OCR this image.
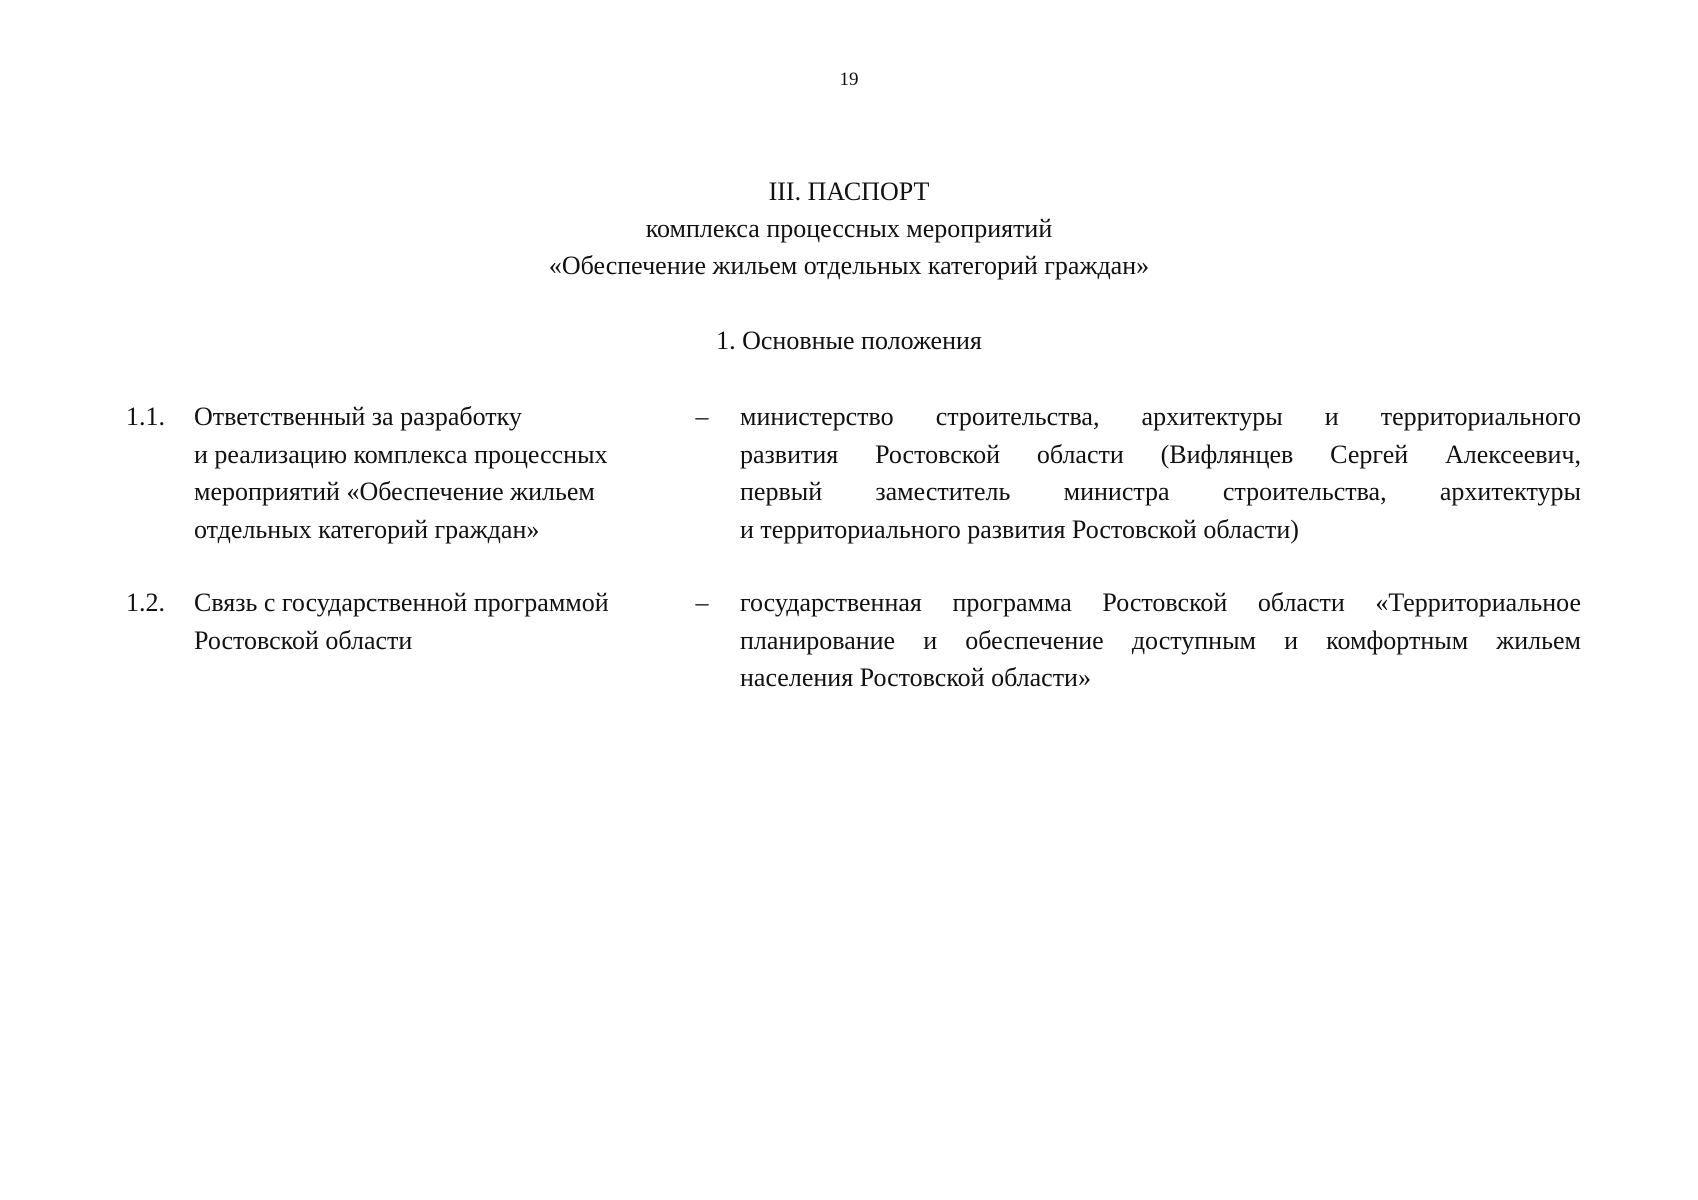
19
III. ПАСПОРТ
комплекса процессных мероприятий
«Обеспечение жильем отдельных категорий граждан»
1. Основные положения
1.1.	Ответственный за разработку
и реализацию комплекса процессных
мероприятий «Обеспечение жильем
отдельных категорий граждан»
– министерство строительства, архитектуры и территориального
развития Ростовской области (Вифлянцев Сергей Алексеевич,
первый заместитель министра строительства, архитектуры
и территориального развития Ростовской области)
1.2.	Связь с государственной программой
Ростовской области
– государственная программа Ростовской области «Территориальное
планирование и обеспечение доступным и комфортным жильем
населения Ростовской области»
